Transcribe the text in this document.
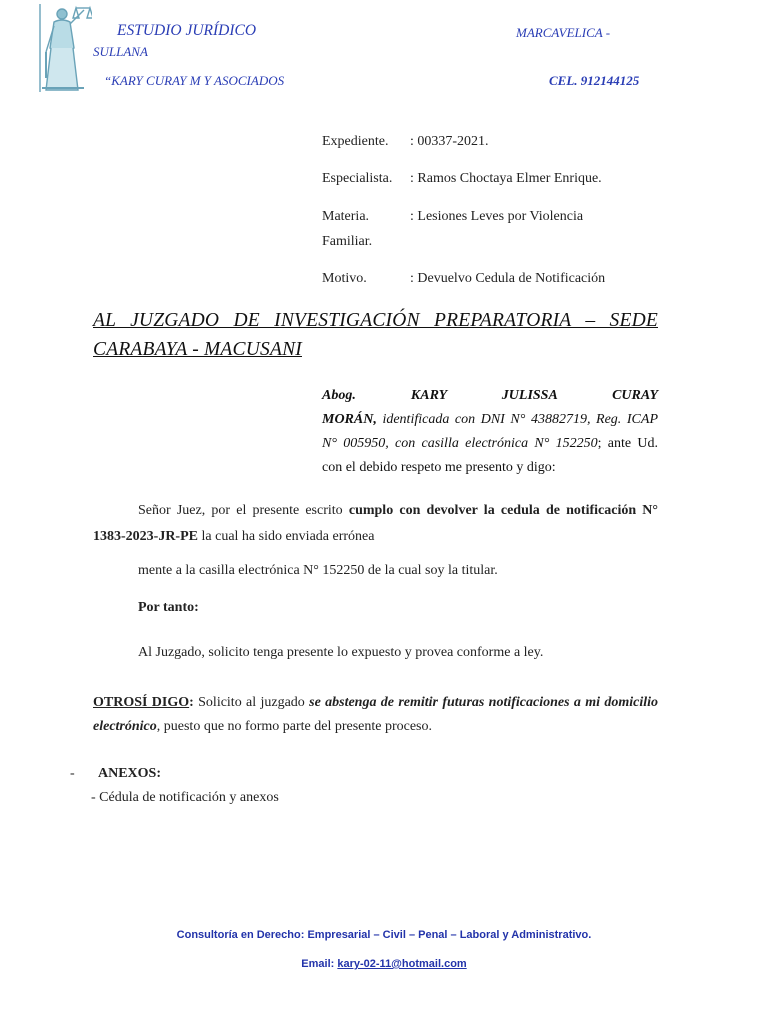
ESTUDIO JURÍDICO	MARCAVELICA -
SULLANA
“KARY CURAY M Y ASOCIADOS	CEL. 912144125
Expediente. : 00337-2021.
Especialista. : Ramos Choctaya Elmer Enrique.
Materia.	: Lesiones Leves por Violencia
Familiar.
Motivo.	: Devuelvo Cedula de Notificación
AL JUZGADO DE INVESTIGACIÓN PREPARATORIA – SEDE CARABAYA - MACUSANI
Abog.	KARY JULISSA CURAY MORÁN, identificada con DNI N° 43882719, Reg. ICAP N° 005950, con casilla electrónica N° 152250; ante Ud. con el debido respeto me presento y digo:
Señor Juez, por el presente escrito cumplo con devolver la cedula de notificación N° 1383-2023-JR-PE la cual ha sido enviada errónea
mente a la casilla electrónica N° 152250 de la cual soy la titular.
Por tanto:
Al Juzgado, solicito tenga presente lo expuesto y provea conforme a ley.
OTROSÍ DIGO: Solicito al juzgado se abstenga de remitir futuras notificaciones a mi domicilio electrónico, puesto que no formo parte del presente proceso.
- ANEXOS:
- Cédula de notificación y anexos
Consultoría en Derecho: Empresarial – Civil – Penal – Laboral y Administrativo.
Email: kary-02-11@hotmail.com
